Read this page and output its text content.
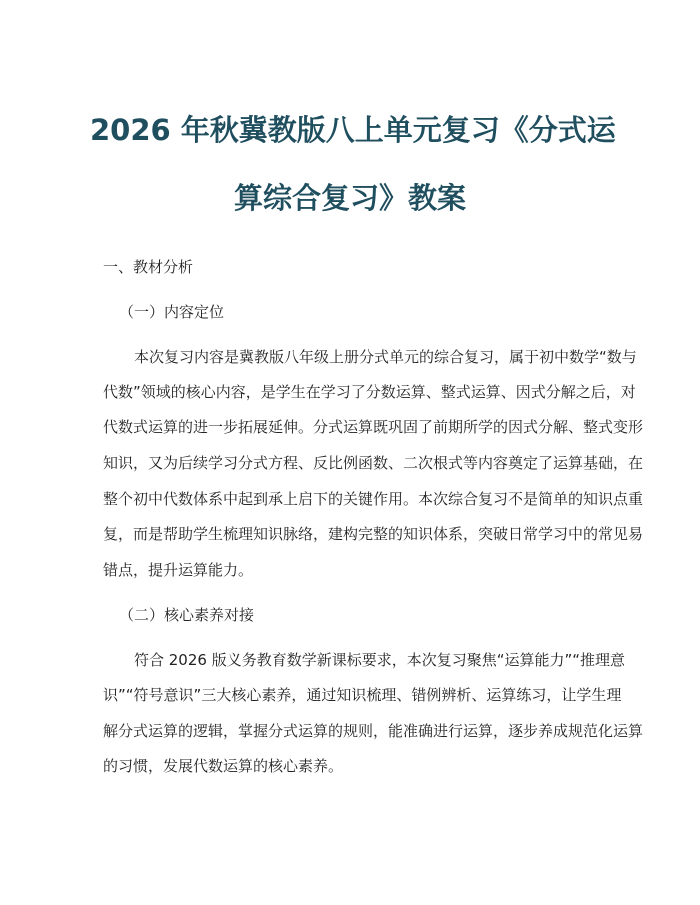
2026 年秋冀教版八上单元复习《分式运
算综合复习》教案
一、教材分析
（一）内容定位
本次复习内容是冀教版八年级上册分式单元的综合复习，属于初中数学“数与
代数”领域的核心内容，是学生在学习了分数运算、整式运算、因式分解之后，对
代数式运算的进一步拓展延伸。分式运算既巩固了前期所学的因式分解、整式变形
知识，又为后续学习分式方程、反比例函数、二次根式等内容奠定了运算基础，在
整个初中代数体系中起到承上启下的关键作用。本次综合复习不是简单的知识点重
复，而是帮助学生梳理知识脉络，建构完整的知识体系，突破日常学习中的常见易
错点，提升运算能力。
（二）核心素养对接
符合 2026 版义务教育数学新课标要求，本次复习聚焦“运算能力”“推理意
识”“符号意识”三大核心素养，通过知识梳理、错例辨析、运算练习，让学生理
解分式运算的逻辑，掌握分式运算的规则，能准确进行运算，逐步养成规范化运算
的习惯，发展代数运算的核心素养。
